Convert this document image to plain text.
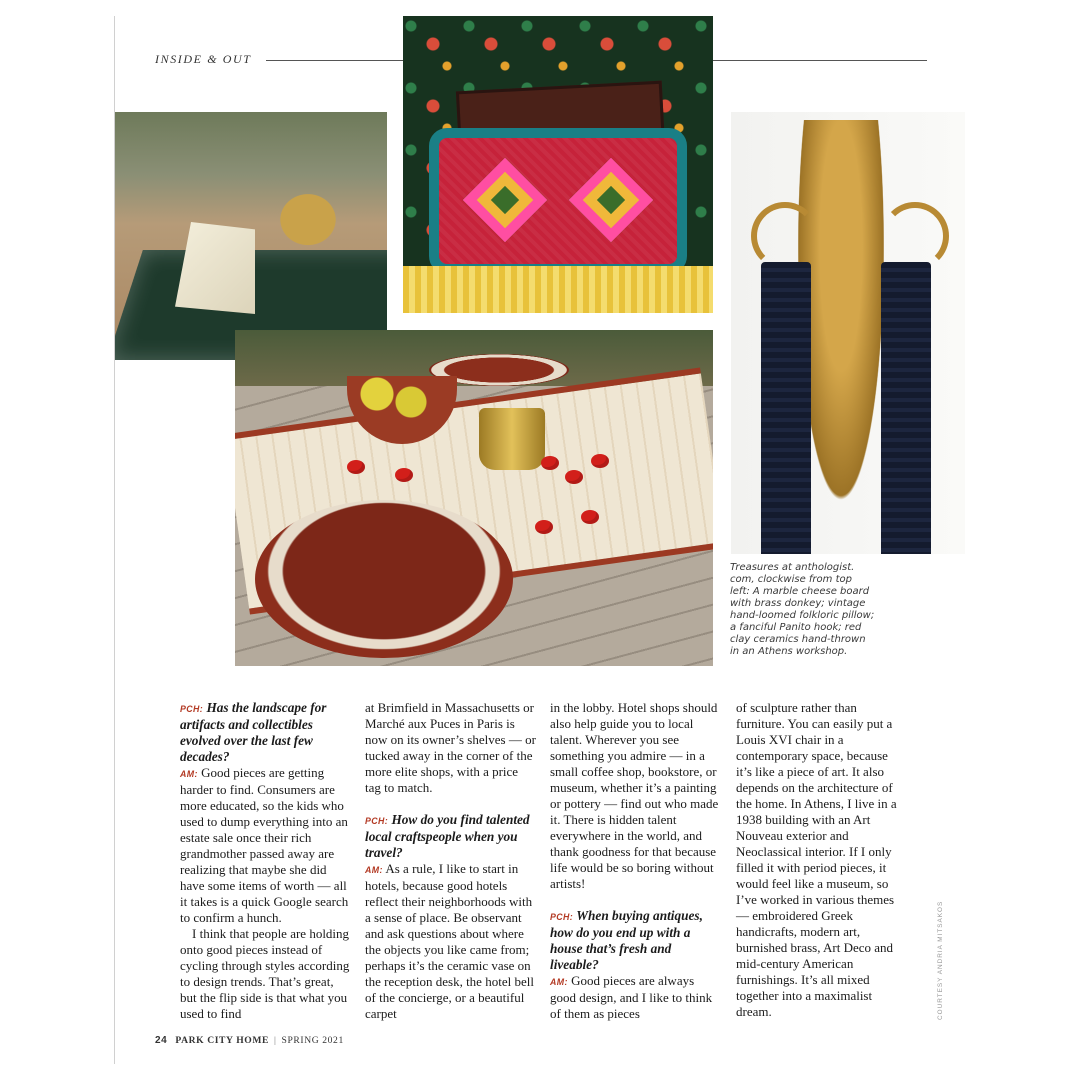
INSIDE & OUT
Treasures at anthologist.
com, clockwise from top
left: A marble cheese board
with brass donkey; vintage
hand-loomed folkloric pillow;
a fanciful Panito hook; red
clay ceramics hand-thrown
in an Athens workshop.

PCH: Has the landscape for artifacts and collectibles evolved over the last few decades?

AM: Good pieces are getting harder to find. Consumers are more educated, so the kids who used to dump everything into an estate sale once their rich grandmother passed away are realizing that maybe she did have some items of worth — all it takes is a quick Google search to confirm a hunch.

I think that people are holding onto good pieces instead of cycling through styles according to design trends. That’s great, but the flip side is that what you used to find

at Brimfield in Massachusetts or Marché aux Puces in Paris is now on its owner’s shelves — or tucked away in the corner of the more elite shops, with a price tag to match.

PCH: How do you find talented local craftspeople when you travel?

AM: As a rule, I like to start in hotels, because good hotels reflect their neighborhoods with a sense of place. Be observant and ask questions about where the objects you like came from; perhaps it’s the ceramic vase on the reception desk, the hotel bell of the concierge, or a beautiful carpet

in the lobby. Hotel shops should also help guide you to local talent. Wherever you see something you admire — in a small coffee shop, bookstore, or museum, whether it’s a painting or pottery — find out who made it. There is hidden talent everywhere in the world, and thank goodness for that because life would be so boring without artists!

PCH: When buying antiques, how do you end up with a house that’s fresh and liveable?

AM: Good pieces are always good design, and I like to think of them as pieces

of sculpture rather than furniture. You can easily put a Louis XVI chair in a contemporary space, because it’s like a piece of art. It also depends on the architecture of the home. In Athens, I live in a 1938 building with an Art Nouveau exterior and Neoclassical interior. If I only filled it with period pieces, it would feel like a museum, so I’ve worked in various themes — embroidered Greek handicrafts, modern art, burnished brass, Art Deco and mid-century American furnishings. It’s all mixed together into a maximalist dream.	COURTESY ANDRIA MITSAKOS
24 PARK CITY HOME | SPRING 2021
